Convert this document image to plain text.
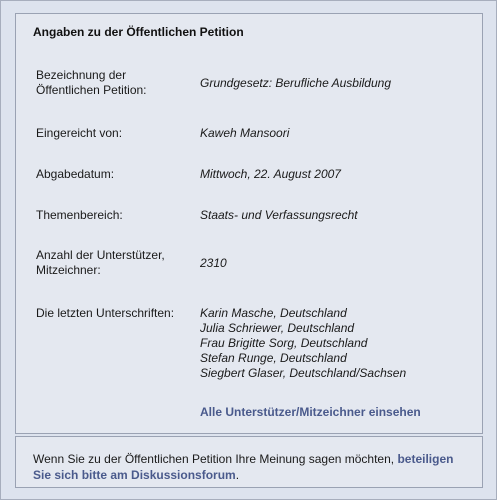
Angaben zu der Öffentlichen Petition
Bezeichnung der
Öffentlichen Petition:	Grundgesetz: Berufliche Ausbildung
Eingereicht von:	Kaweh Mansoori
Abgabedatum:	Mittwoch, 22. August 2007
Themenbereich:	Staats- und Verfassungsrecht
Anzahl der Unterstützer,
Mitzeichner:	2310
Die letzten Unterschriften:	Karin Masche, Deutschland
Julia Schriewer, Deutschland
Frau Brigitte Sorg, Deutschland
Stefan Runge, Deutschland
Siegbert Glaser, Deutschland/Sachsen
Alle Unterstützer/Mitzeichner einsehen
Wenn Sie zu der Öffentlichen Petition Ihre Meinung sagen möchten, beteiligen Sie sich bitte am Diskussionsforum.
